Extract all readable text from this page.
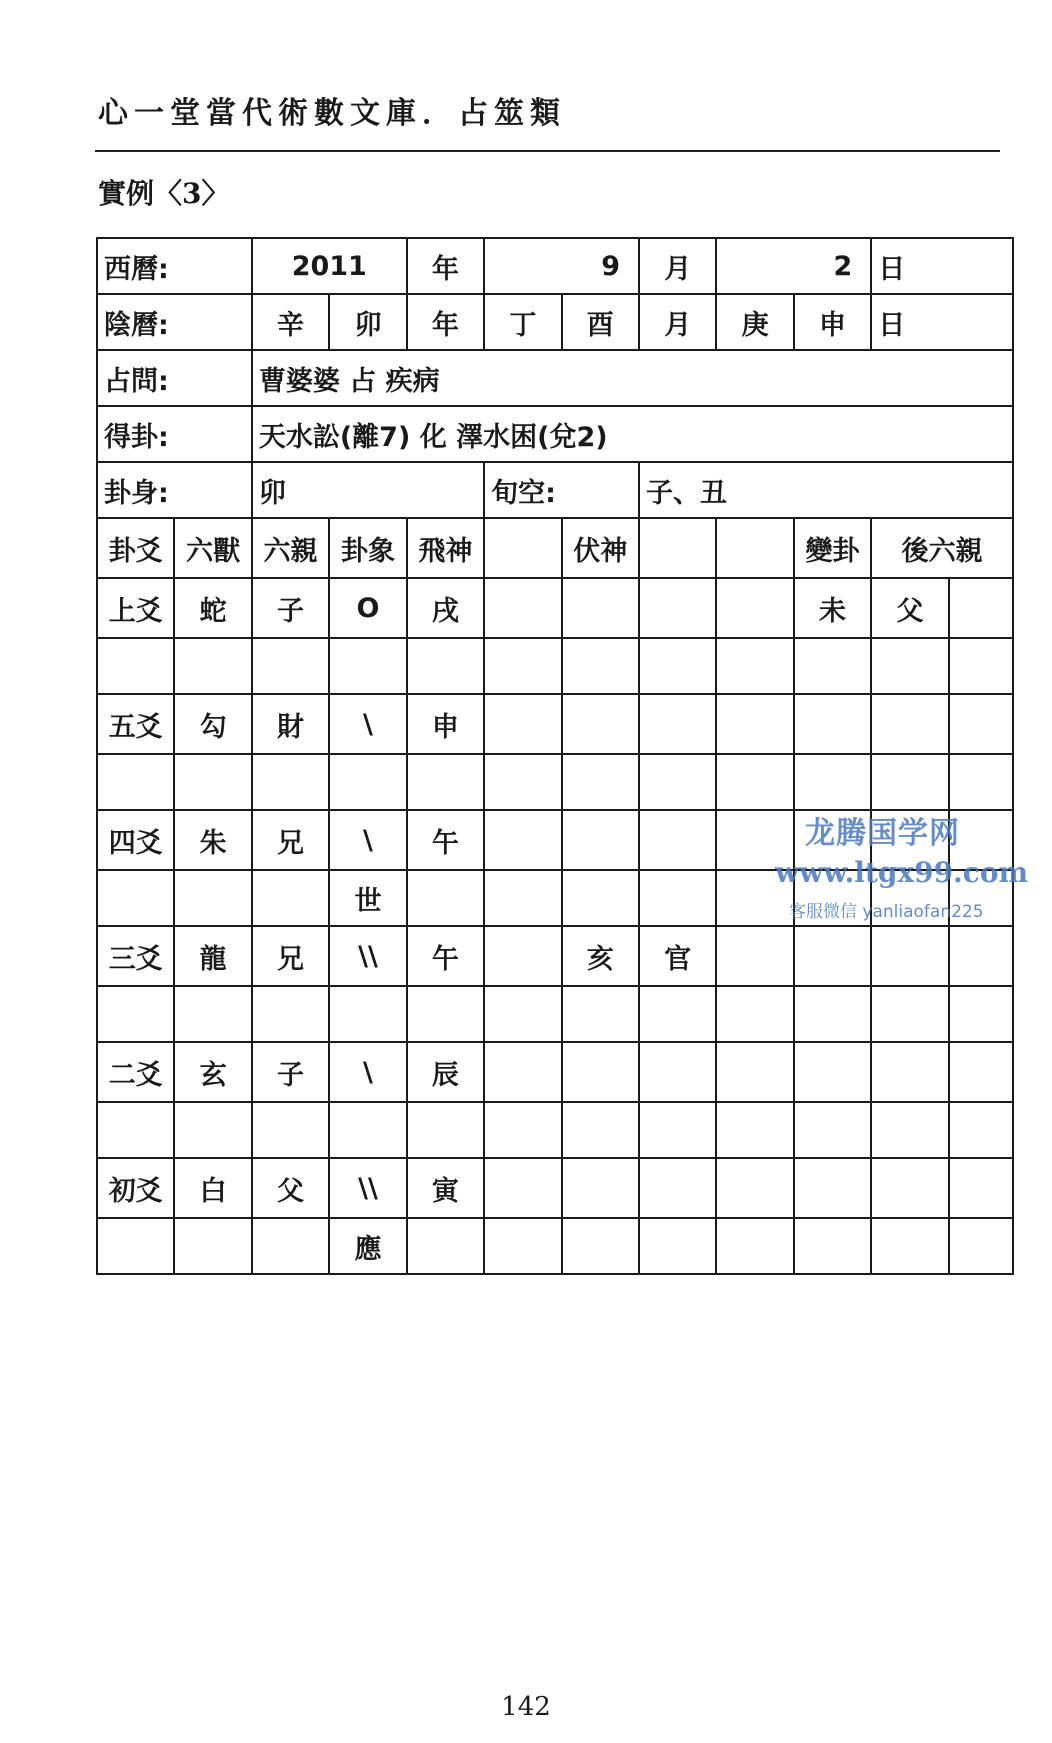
心一堂當代術數文庫．占筮類
實例〈3〉
西曆:		2011		年	9		月	2		日	
陰曆:		辛	卯	年	丁	酉	月	庚	申	日	
占問:		曹婆婆 占 疾病									
得卦:		天水訟(離7) 化 澤水困(兌2)									
卦身:		卯			旬空:		子、丑				
卦爻	六獸	六親	卦象	飛神		伏神			變卦	後六親	
上爻	蛇	子	O	戌					未	父	

五爻	勾	財	\	申							

四爻	朱	兄	\	午							
			世								
三爻	龍	兄	\\	午		亥	官				

二爻	玄	子	\	辰							

初爻	白	父	\\	寅							
			應								
龙腾国学网
www.ltgx99.com
客服微信 yanliaofan225
142
